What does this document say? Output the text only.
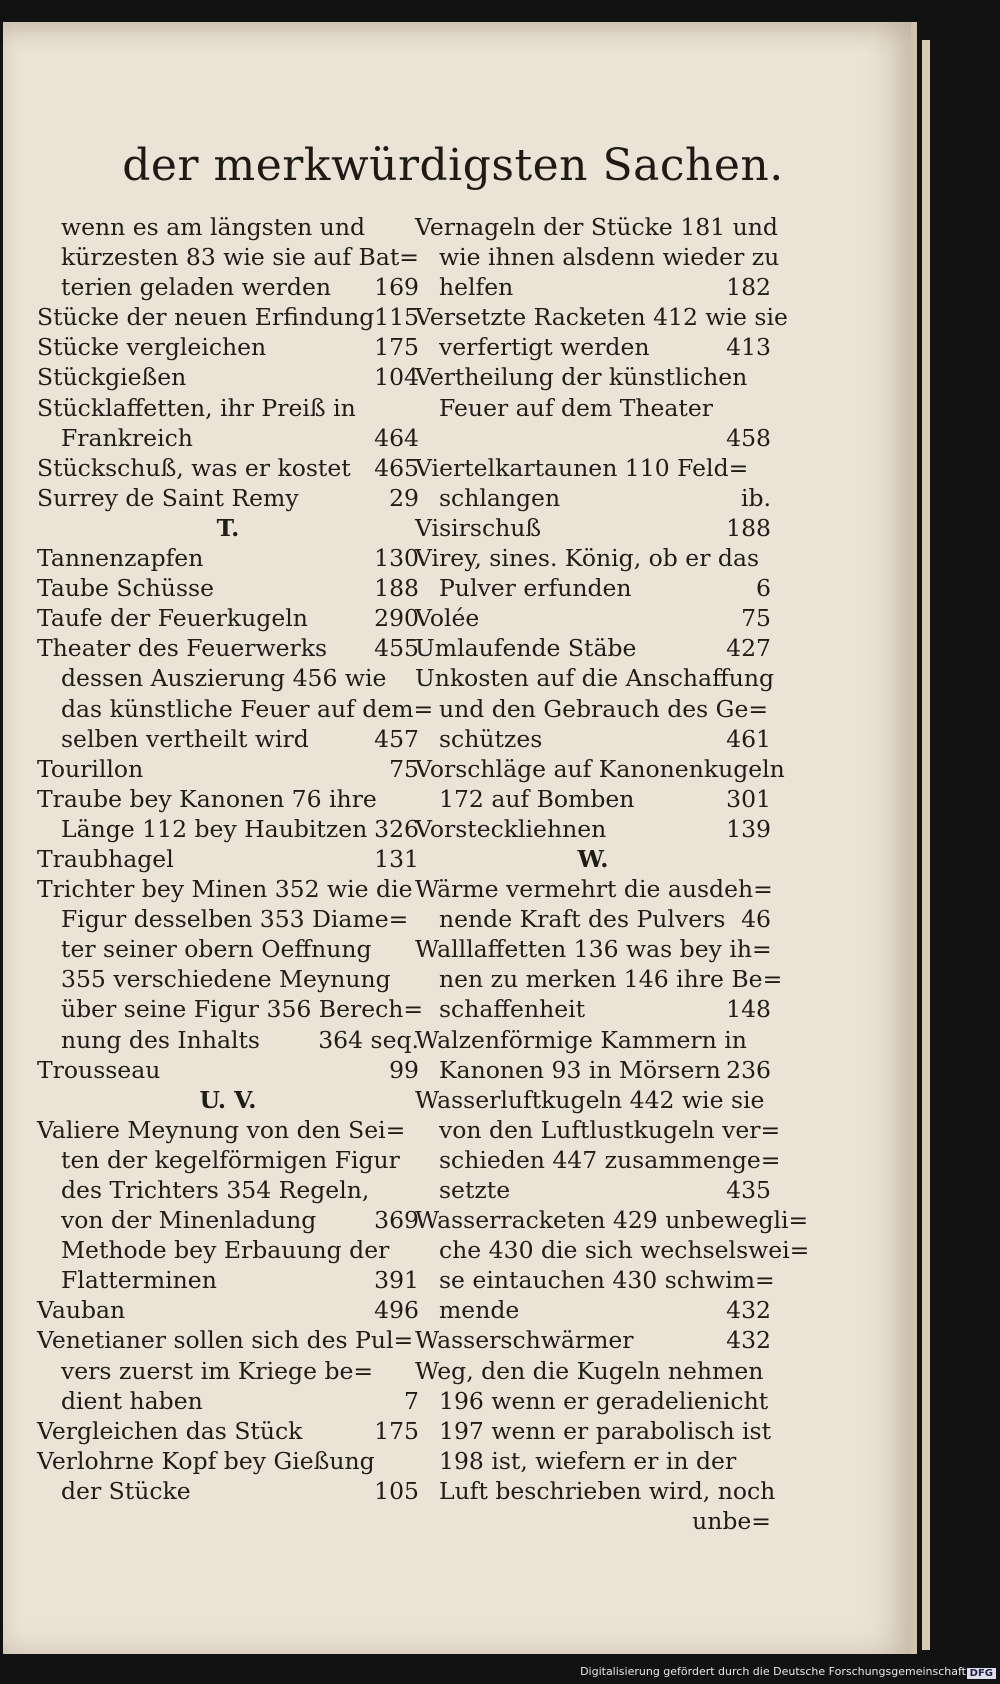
der merkwürdigsten Sachen.
wenn es am längsten und
kürzesten 83 wie sie auf Bat=
terien geladen werden 169
Stücke der neuen Erfindung 115
Stücke vergleichen	175
Stückgießen	104
Stücklaffetten, ihr Preiß in
Frankreich	464
Stückschuß, was er kostet 465
Surrey de Saint Remy	29
T.
Tannenzapfen	130
Taube Schüsse	188
Taufe der Feuerkugeln	290
Theater des Feuerwerks 455
dessen Auszierung 456 wie
das künstliche Feuer auf dem=
selben vertheilt wird	457
Tourillon	75
Traube bey Kanonen 76 ihre
Länge 112 bey Haubitzen 326
Traubhagel	131
Trichter bey Minen 352 wie die
Figur desselben 353 Diame=
ter seiner obern Oeffnung
355 verschiedene Meynung
über seine Figur 356 Berech=
nung des Inhalts 364 seq.
Trousseau	99
U. V.
Valiere Meynung von den Sei=
ten der kegelförmigen Figur
des Trichters 354 Regeln,
von der Minenladung 369
Methode bey Erbauung der
Flatterminen	391
Vauban	496
Venetianer sollen sich des Pul=
vers zuerst im Kriege be=
dient haben	7
Vergleichen das Stück	175
Verlohrne Kopf bey Gießung
der Stücke	105
Vernageln der Stücke 181 und
wie ihnen alsdenn wieder zu
helfen	182
Versetzte Racketen 412 wie sie
verfertigt werden	413
Vertheilung der künstlichen
Feuer auf dem Theater
458
Viertelkartaunen 110 Feld=
schlangen	ib.
Visirschuß	188
Virey, sines. König, ob er das
Pulver erfunden	6
Volée	75
Umlaufende Stäbe	427
Unkosten auf die Anschaffung
und den Gebrauch des Ge=
schützes	461
Vorschläge auf Kanonenkugeln
172 auf Bomben	301
Vorsteckliehnen	139
W.
Wärme vermehrt die ausdeh=
nende Kraft des Pulvers 46
Walllaffetten 136 was bey ih=
nen zu merken 146 ihre Be=
schaffenheit	148
Walzenförmige Kammern in
Kanonen 93 in Mörsern 236
Wasserluftkugeln 442 wie sie
von den Luftlustkugeln ver=
schieden 447 zusammenge=
setzte	435
Wasserracketen 429 unbewegli=
che 430 die sich wechselswei=
se eintauchen 430 schwim=
mende	432
Wasserschwärmer	432
Weg, den die Kugeln nehmen
196 wenn er geradelienicht
197 wenn er parabolisch ist
198 ist, wiefern er in der
Luft beschrieben wird, noch
unbe=
Digitalisierung gefördert durch die Deutsche Forschungsgemeinschaft DFG
